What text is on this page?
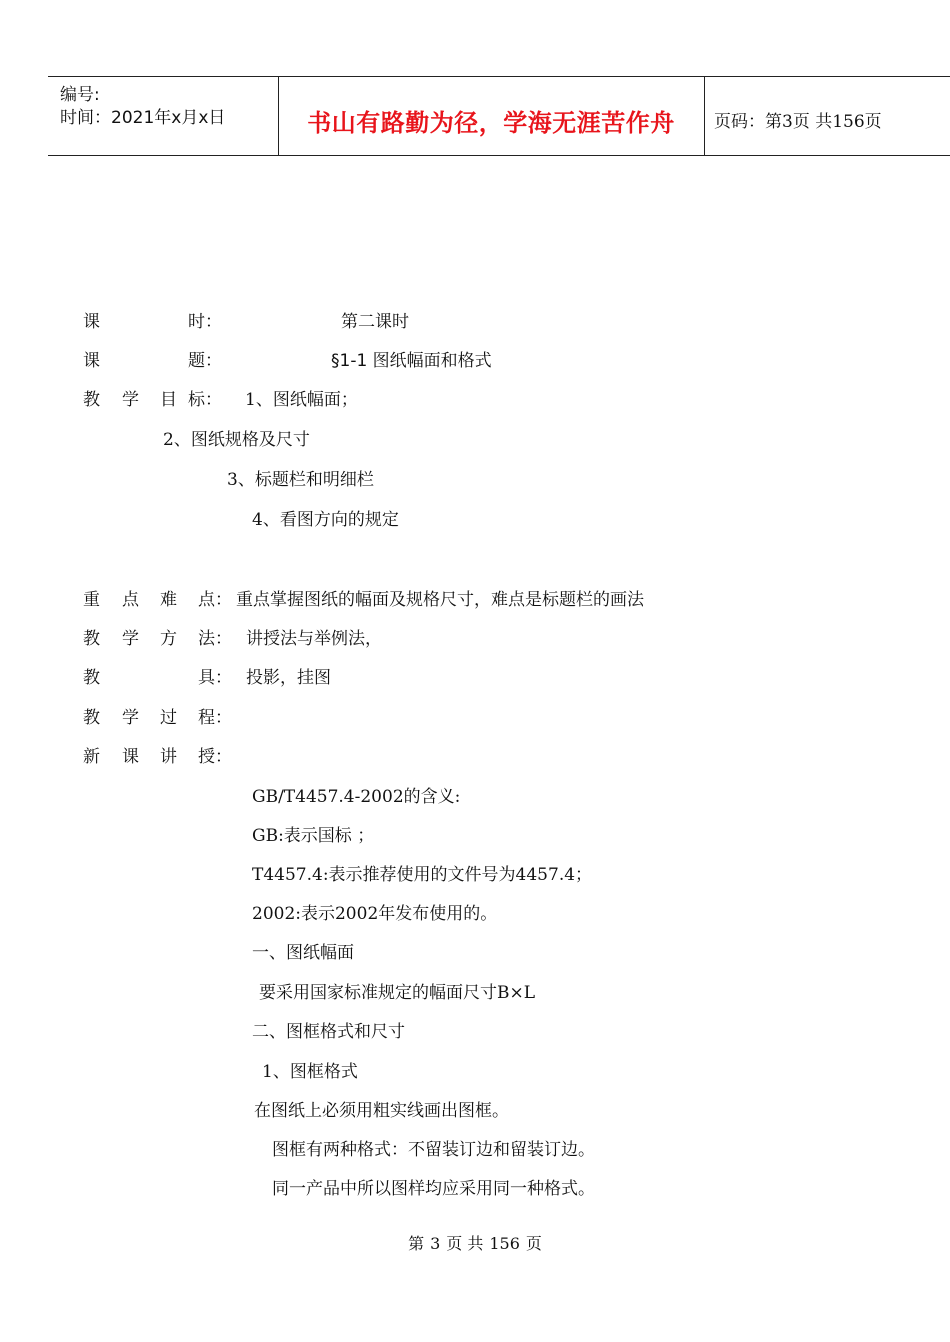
编号:
时间：2021年x月x日	书山有路勤为径，学海无涯苦作舟	页码：第3页 共156页
课	时：	第二课时
课	题：	§1-1 图纸幅面和格式
教 学 目 标： 1、图纸幅面；
2、图纸规格及尺寸
3、标题栏和明细栏
4、看图方向的规定
重 点 难 点： 重点掌握图纸的幅面及规格尺寸，难点是标题栏的画法
教 学 方 法： 讲授法与举例法，
教	具： 投影，挂图
教 学 过 程：
新 课 讲 授：
GB/T4457.4-2002的含义:
GB:表示国标 ；
T4457.4:表示推荐使用的文件号为4457.4；
2002:表示2002年发布使用的。
一、图纸幅面
要采用国家标准规定的幅面尺寸B×L
二、图框格式和尺寸
1、图框格式
在图纸上必须用粗实线画出图框。
图框有两种格式：不留装订边和留装订边。
同一产品中所以图样均应采用同一种格式。
第 3 页 共 156 页
